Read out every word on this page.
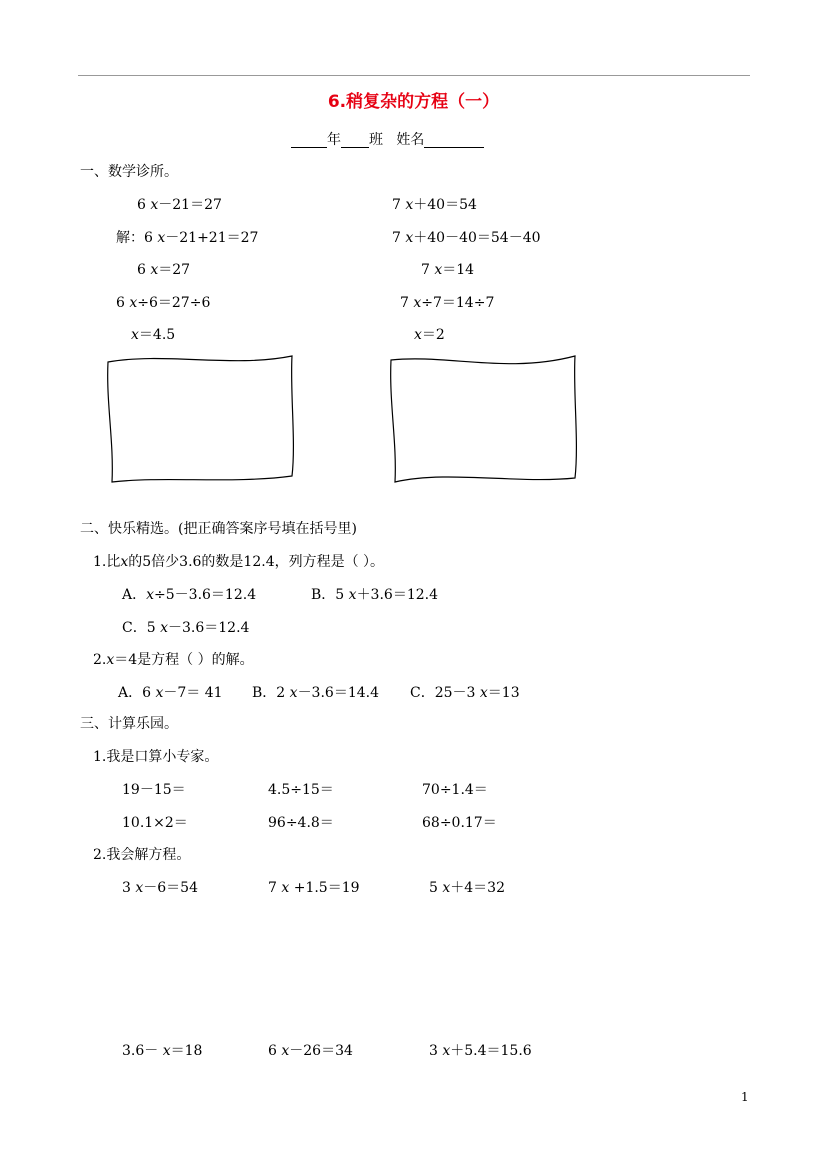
6.稍复杂的方程（一）
年 班 姓名
一、数学诊所。
6 x－21＝27
解：6 x－21+21＝27
6 x＝27
6 x÷6＝27÷6
x＝4.5
7 x＋40＝54
7 x＋40－40＝54－40
7 x＝14
7 x÷7＝14÷7
x＝2
二、快乐精选。(把正确答案序号填在括号里)
1.比x的5倍少3.6的数是12.4，列方程是（ ）。
A．x÷5－3.6＝12.4	B．5 x＋3.6＝12.4
C．5 x－3.6＝12.4
2.x＝4是方程（ ）的解。
A．6 x－7＝ 41 B．2 x－3.6＝14.4 C．25－3 x＝13
三、计算乐园。
1.我是口算小专家。
19－15＝	4.5÷15＝	70÷1.4＝
10.1×2＝	96÷4.8＝	68÷0.17＝
2.我会解方程。
3 x－6＝54	7 x +1.5＝19	5 x＋4＝32
3.6－ x＝18	6 x－26＝34	3 x＋5.4＝15.6
1
